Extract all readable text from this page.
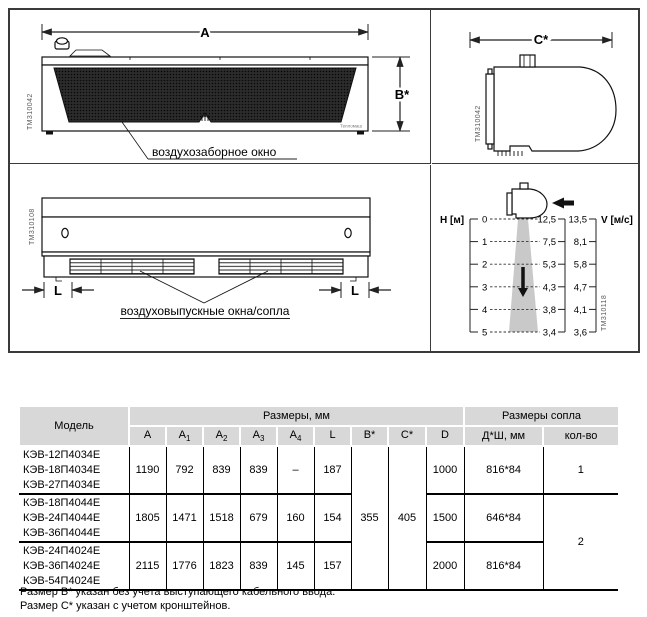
A
Тепломаш
B*
воздухозаборное окно
TM310042
C*
TM310042
L	L
воздуховыпускные окна/сопла
TM310108	H [м] 0
1
2
3
4
5
12,5
7,5
5,3
4,3
3,8
3,4
13,5
8,1
5,8
4,7
4,1
3,6
V [м/с]
TM310118
Модель	Размеры, мм									Размеры сопла	
	A	$A_1$	$A_2$	$A_3$	$A_4$	L	B*	C*	D	Д*Ш, мм	кол-во

КЭВ-12П4034Е
КЭВ-18П4034Е
КЭВ-27П4034Е	1190	792	839	839	–	187	355	405	1000	816*84	1

КЭВ-18П4044Е
КЭВ-24П4044Е
КЭВ-36П4044Е	1805	1471	1518	679	160	154			1500	646*84	2

КЭВ-24П4024Е
КЭВ-36П4024Е
КЭВ-54П4024Е	2115	1776	1823	839	145	157			2000	816*84	
Размер B* указан без учета выступающего кабельного ввода.
Размер C* указан с учетом кронштейнов.
